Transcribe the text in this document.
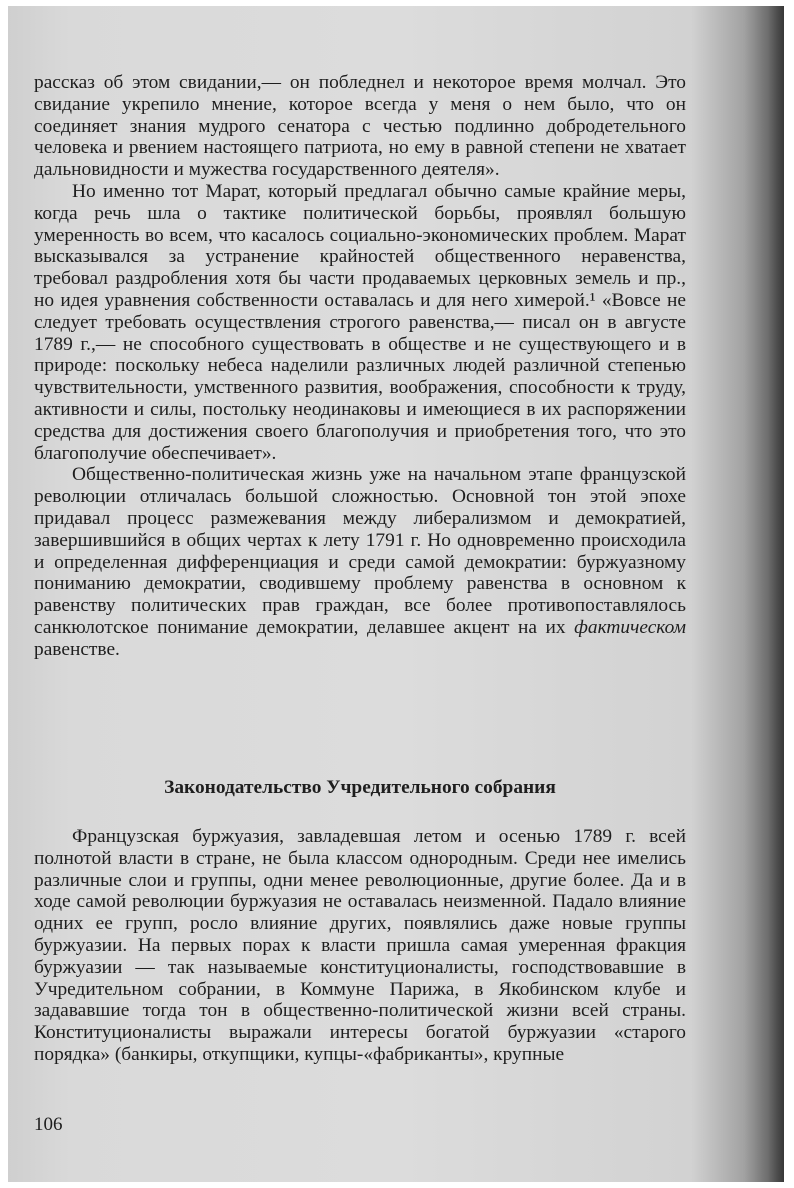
рассказ об этом свидании,— он побледнел и некоторое время молчал. Это свидание укрепило мнение, которое всегда у меня о нем было, что он соединяет знания мудрого сенатора с честью подлинно добродетельного человека и рвением настоящего патриота, но ему в равной степени не хватает дальновидности и мужества государственного деятеля».

Но именно тот Марат, который предлагал обычно самые крайние меры, когда речь шла о тактике политической борьбы, проявлял большую умеренность во всем, что касалось социально-экономических проблем. Марат высказывался за устранение крайностей общественного неравенства, требовал раздробления хотя бы части продаваемых церковных земель и пр., но идея уравнения собственности оставалась и для него химерой.¹ «Вовсе не следует требовать осуществления строгого равенства,— писал он в августе 1789 г.,— не способного существовать в обществе и не существующего и в природе: поскольку небеса наделили различных людей различной степенью чувствительности, умственного развития, воображения, способности к труду, активности и силы, постольку неодинаковы и имеющиеся в их распоряжении средства для достижения своего благополучия и приобретения того, что это благополучие обеспечивает».

Общественно-политическая жизнь уже на начальном этапе французской революции отличалась большой сложностью. Основной тон этой эпохе придавал процесс размежевания между либерализмом и демократией, завершившийся в общих чертах к лету 1791 г. Но одновременно происходила и определенная дифференциация и среди самой демократии: буржуазному пониманию демократии, сводившему проблему равенства в основном к равенству политических прав граждан, все более противопоставлялось санкюлотское понимание демократии, делавшее акцент на их фактическом равенстве.

Законодательство Учредительного собрания

Французская буржуазия, завладевшая летом и осенью 1789 г. всей полнотой власти в стране, не была классом однородным. Среди нее имелись различные слои и группы, одни менее революционные, другие более. Да и в ходе самой революции буржуазия не оставалась неизменной. Падало влияние одних ее групп, росло влияние других, появлялись даже новые группы буржуазии. На первых порах к власти пришла самая умеренная фракция буржуазии — так называемые конституционалисты, господствовавшие в Учредительном собрании, в Коммуне Парижа, в Якобинском клубе и задававшие тогда тон в общественно-политической жизни всей страны. Конституционалисты выражали интересы богатой буржуазии «старого порядка» (банкиры, откупщики, купцы-«фабриканты», крупные

106
